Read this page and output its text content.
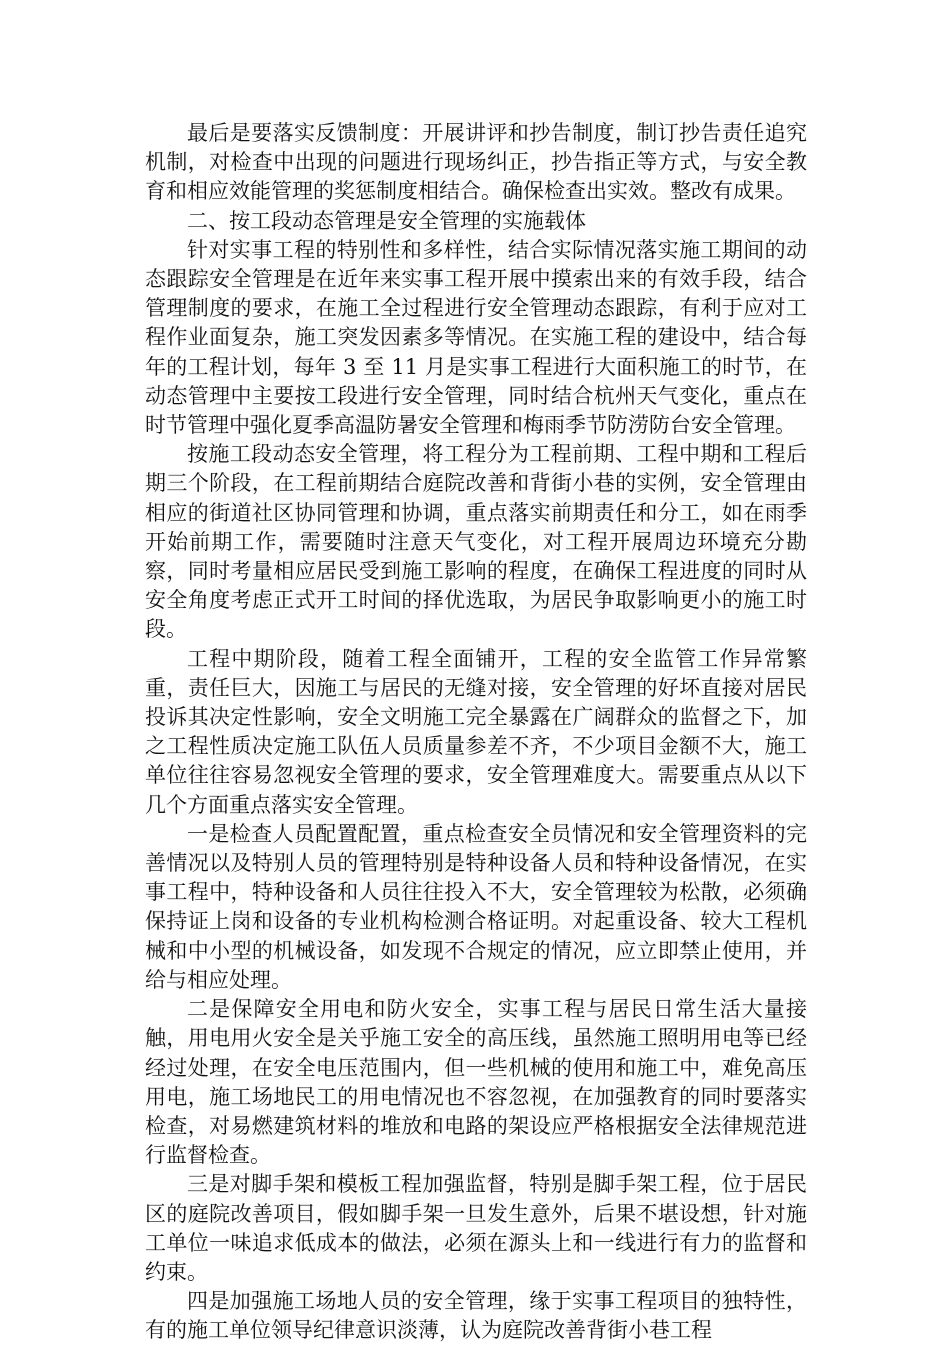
最后是要落实反馈制度：开展讲评和抄告制度，制订抄告责任追究机制，对检查中出现的问题进行现场纠正，抄告指正等方式，与安全教育和相应效能管理的奖惩制度相结合。确保检查出实效。整改有成果。

二、按工段动态管理是安全管理的实施载体

针对实事工程的特别性和多样性，结合实际情况落实施工期间的动态跟踪安全管理是在近年来实事工程开展中摸索出来的有效手段，结合管理制度的要求，在施工全过程进行安全管理动态跟踪，有利于应对工程作业面复杂，施工突发因素多等情况。在实施工程的建设中，结合每年的工程计划，每年 3 至 11 月是实事工程进行大面积施工的时节，在动态管理中主要按工段进行安全管理，同时结合杭州天气变化，重点在时节管理中强化夏季高温防暑安全管理和梅雨季节防涝防台安全管理。

按施工段动态安全管理，将工程分为工程前期、工程中期和工程后期三个阶段，在工程前期结合庭院改善和背街小巷的实例，安全管理由相应的街道社区协同管理和协调，重点落实前期责任和分工，如在雨季开始前期工作，需要随时注意天气变化，对工程开展周边环境充分勘察，同时考量相应居民受到施工影响的程度，在确保工程进度的同时从安全角度考虑正式开工时间的择优选取，为居民争取影响更小的施工时段。

工程中期阶段，随着工程全面铺开，工程的安全监管工作异常繁重，责任巨大，因施工与居民的无缝对接，安全管理的好坏直接对居民投诉其决定性影响，安全文明施工完全暴露在广阔群众的监督之下，加之工程性质决定施工队伍人员质量参差不齐，不少项目金额不大，施工单位往往容易忽视安全管理的要求，安全管理难度大。需要重点从以下几个方面重点落实安全管理。

一是检查人员配置配置，重点检查安全员情况和安全管理资料的完善情况以及特别人员的管理特别是特种设备人员和特种设备情况，在实事工程中，特种设备和人员往往投入不大，安全管理较为松散，必须确保持证上岗和设备的专业机构检测合格证明。对起重设备、较大工程机械和中小型的机械设备，如发现不合规定的情况，应立即禁止使用，并给与相应处理。

二是保障安全用电和防火安全，实事工程与居民日常生活大量接触，用电用火安全是关乎施工安全的高压线，虽然施工照明用电等已经经过处理，在安全电压范围内，但一些机械的使用和施工中，难免高压用电，施工场地民工的用电情况也不容忽视，在加强教育的同时要落实检查，对易燃建筑材料的堆放和电路的架设应严格根据安全法律规范进行监督检查。

三是对脚手架和模板工程加强监督，特别是脚手架工程，位于居民区的庭院改善项目，假如脚手架一旦发生意外，后果不堪设想，针对施工单位一味追求低成本的做法，必须在源头上和一线进行有力的监督和约束。

四是加强施工场地人员的安全管理，缘于实事工程项目的独特性，有的施工单位领导纪律意识淡薄，认为庭院改善背街小巷工程
